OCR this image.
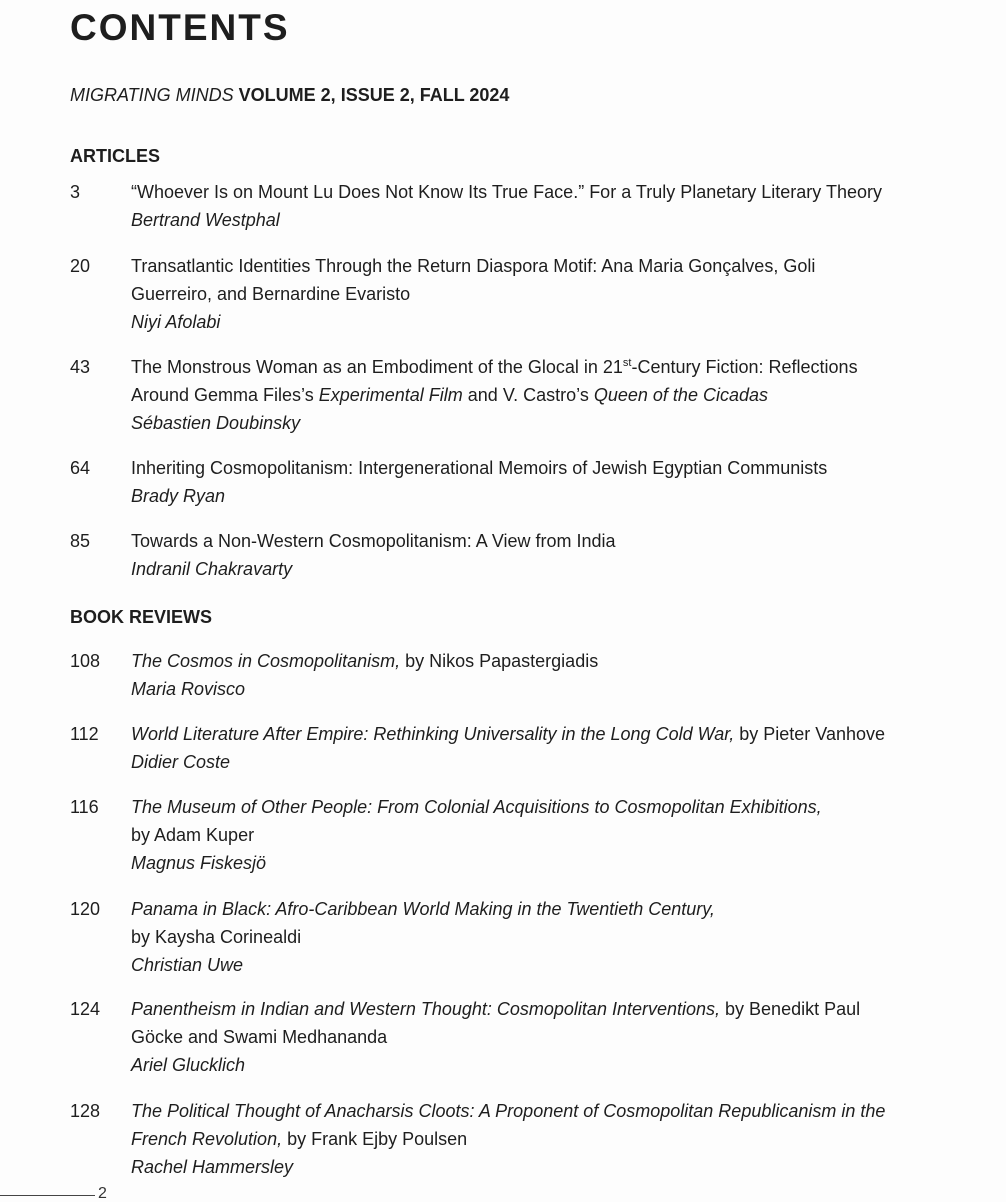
CONTENTS
MIGRATING MINDS VOLUME 2, ISSUE 2, FALL 2024
ARTICLES
3	“Whoever Is on Mount Lu Does Not Know Its True Face.” For a Truly Planetary Literary Theory
Bertrand Westphal
20	Transatlantic Identities Through the Return Diaspora Motif: Ana Maria Gonçalves, Goli
Guerreiro, and Bernardine Evaristo
Niyi Afolabi
43	The Monstrous Woman as an Embodiment of the Glocal in 21st-Century Fiction: Reflections
Around Gemma Files’s Experimental Film and V. Castro’s Queen of the Cicadas
Sébastien Doubinsky
64	Inheriting Cosmopolitanism: Intergenerational Memoirs of Jewish Egyptian Communists
Brady Ryan
85	Towards a Non-Western Cosmopolitanism: A View from India
Indranil Chakravarty
BOOK REVIEWS
108	The Cosmos in Cosmopolitanism, by Nikos Papastergiadis
Maria Rovisco
112	World Literature After Empire: Rethinking Universality in the Long Cold War, by Pieter Vanhove
Didier Coste
116	The Museum of Other People: From Colonial Acquisitions to Cosmopolitan Exhibitions,
by Adam Kuper
Magnus Fiskesjö
120	Panama in Black: Afro-Caribbean World Making in the Twentieth Century,
by Kaysha Corinealdi
Christian Uwe
124	Panentheism in Indian and Western Thought: Cosmopolitan Interventions, by Benedikt Paul
Göcke and Swami Medhananda
Ariel Glucklich
128	The Political Thought of Anacharsis Cloots: A Proponent of Cosmopolitan Republicanism in the
French Revolution, by Frank Ejby Poulsen
Rachel Hammersley
2
